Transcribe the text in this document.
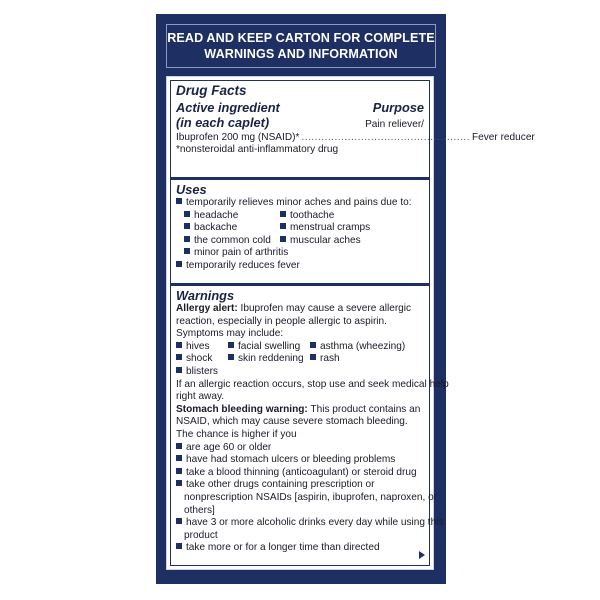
READ AND KEEP CARTON FOR COMPLETE
WARNINGS AND INFORMATION
Drug Facts
Active ingredient	Purpose
(in each caplet)	Pain reliever/
Ibuprofen 200 mg (NSAID)* ................................................... Fever reducer
*nonsteroidal anti-inflammatory drug
Uses
temporarily relieves minor aches and pains due to:
headache	toothache
backache	menstrual cramps
the common cold	muscular aches
minor pain of arthritis
temporarily reduces fever
Warnings
Allergy alert: Ibuprofen may cause a severe allergic
reaction, especially in people allergic to aspirin.
Symptoms may include:
hives	facial swelling	asthma (wheezing)
shock	skin reddening	rash
blisters
If an allergic reaction occurs, stop use and seek medical help
right away.
Stomach bleeding warning: This product contains an
NSAID, which may cause severe stomach bleeding.
The chance is higher if you
are age 60 or older
have had stomach ulcers or bleeding problems
take a blood thinning (anticoagulant) or steroid drug
take other drugs containing prescription or
nonprescription NSAIDs [aspirin, ibuprofen, naproxen, or
others]
have 3 or more alcoholic drinks every day while using this
product
take more or for a longer time than directed
